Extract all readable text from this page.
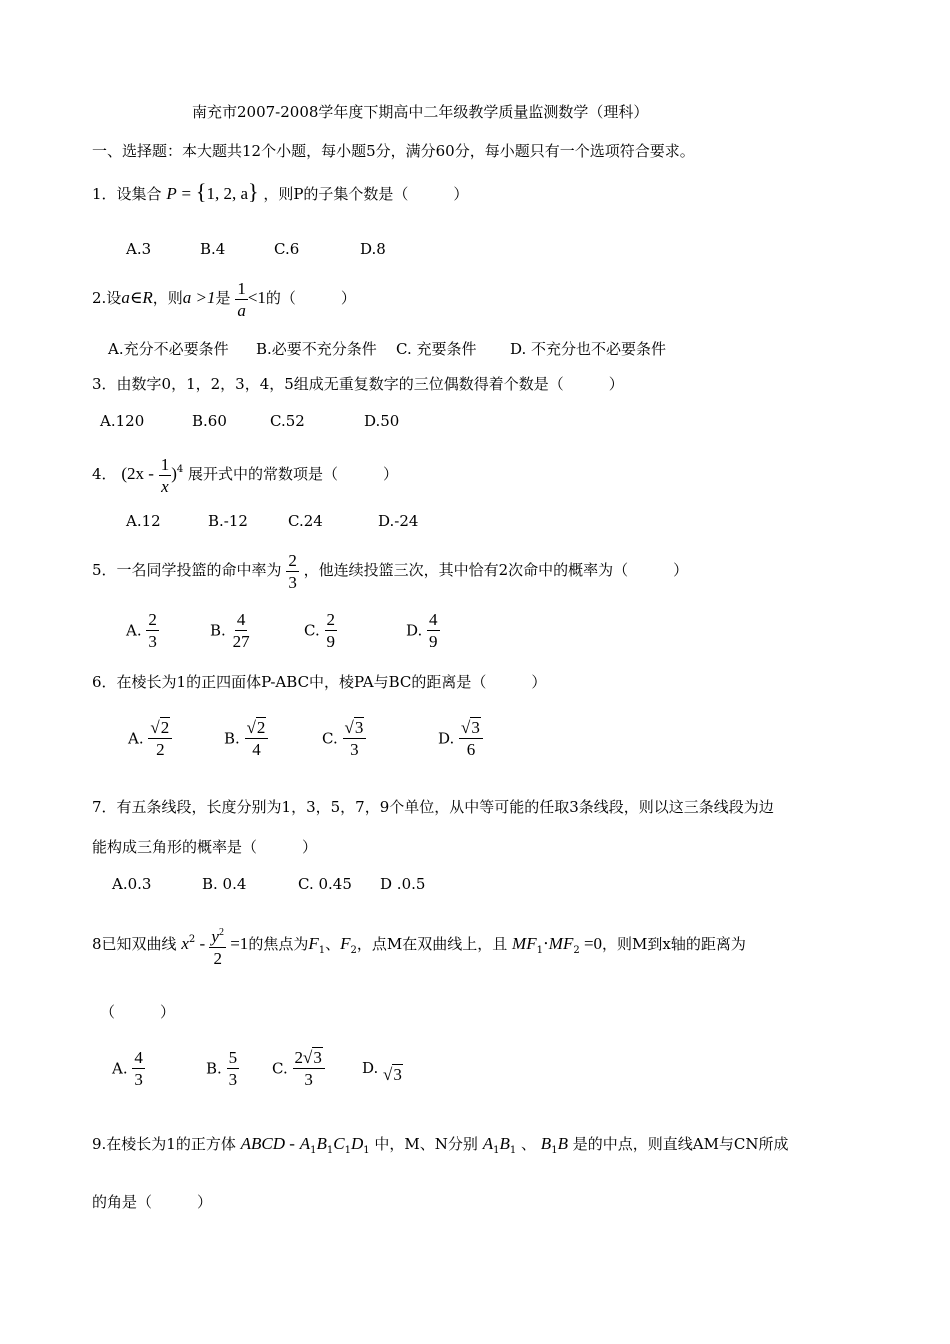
南充市2007-2008学年度下期高中二年级教学质量监测数学（理科）
一、选择题：本大题共12个小题，每小题5分，满分60分，每小题只有一个选项符合要求。
1．设集合 P = {1, 2, a} ，则P的子集个数是（　　　）
A.3	B.4	C.6	D.8
2.设a∈R，则a >1是 $\frac{1}{a} <1$的（　　　）
A.充分不必要条件 B.必要不充分条件 C. 充要条件 D. 不充分也不必要条件
3．由数字0，1，2，3，4，5组成无重复数字的三位偶数得着个数是（　　　）
A.120	B.60	C.52	D.50
4． $(2x - \frac{1}{x} )^4$ 展开式中的常数项是（　　　）
A.12	B.-12	C.24	D.-24
5．一名同学投篮的命中率为 $\frac{2}{3}$ ，他连续投篮三次，其中恰有2次命中的概率为（　　　）
A. $\frac{2}{3}$	B. $\frac{4}{27}$	C. $\frac{2}{9}$	D. $\frac{4}{9}$
6．在棱长为1的正四面体P-ABC中，棱PA与BC的距离是（　　　）
A. $\frac{√2}{2}$	B. $\frac{√2}{4}$	C. $\frac{√3}{3}$	D. $\frac{√3}{6}$
7．有五条线段，长度分别为1，3，5，7，9个单位，从中等可能的任取3条线段，则以这三条线段为边
能构成三角形的概率是（　　　）
A.0.3	B. 0.4	C. 0.45 D .0.5
8已知双曲线 $x^2 - \frac{y^2}{2} =1$的焦点为$F_1$、$F_2$，点M在双曲线上，且 $MF_1\cdot MF_2 =0$，则M到x轴的距离为
（　　　）
A. $\frac{4}{3}$	B. $\frac{5}{3} C$. $\frac{2√3}{3} D$. √3
9.在棱长为1的正方体 ABCD - $A_1B_1C_1D_1$ 中，M、N分别 $A_1B_1$ 、 $B_1B$ 是的中点，则直线AM与CN所成
的角是（　　　）
